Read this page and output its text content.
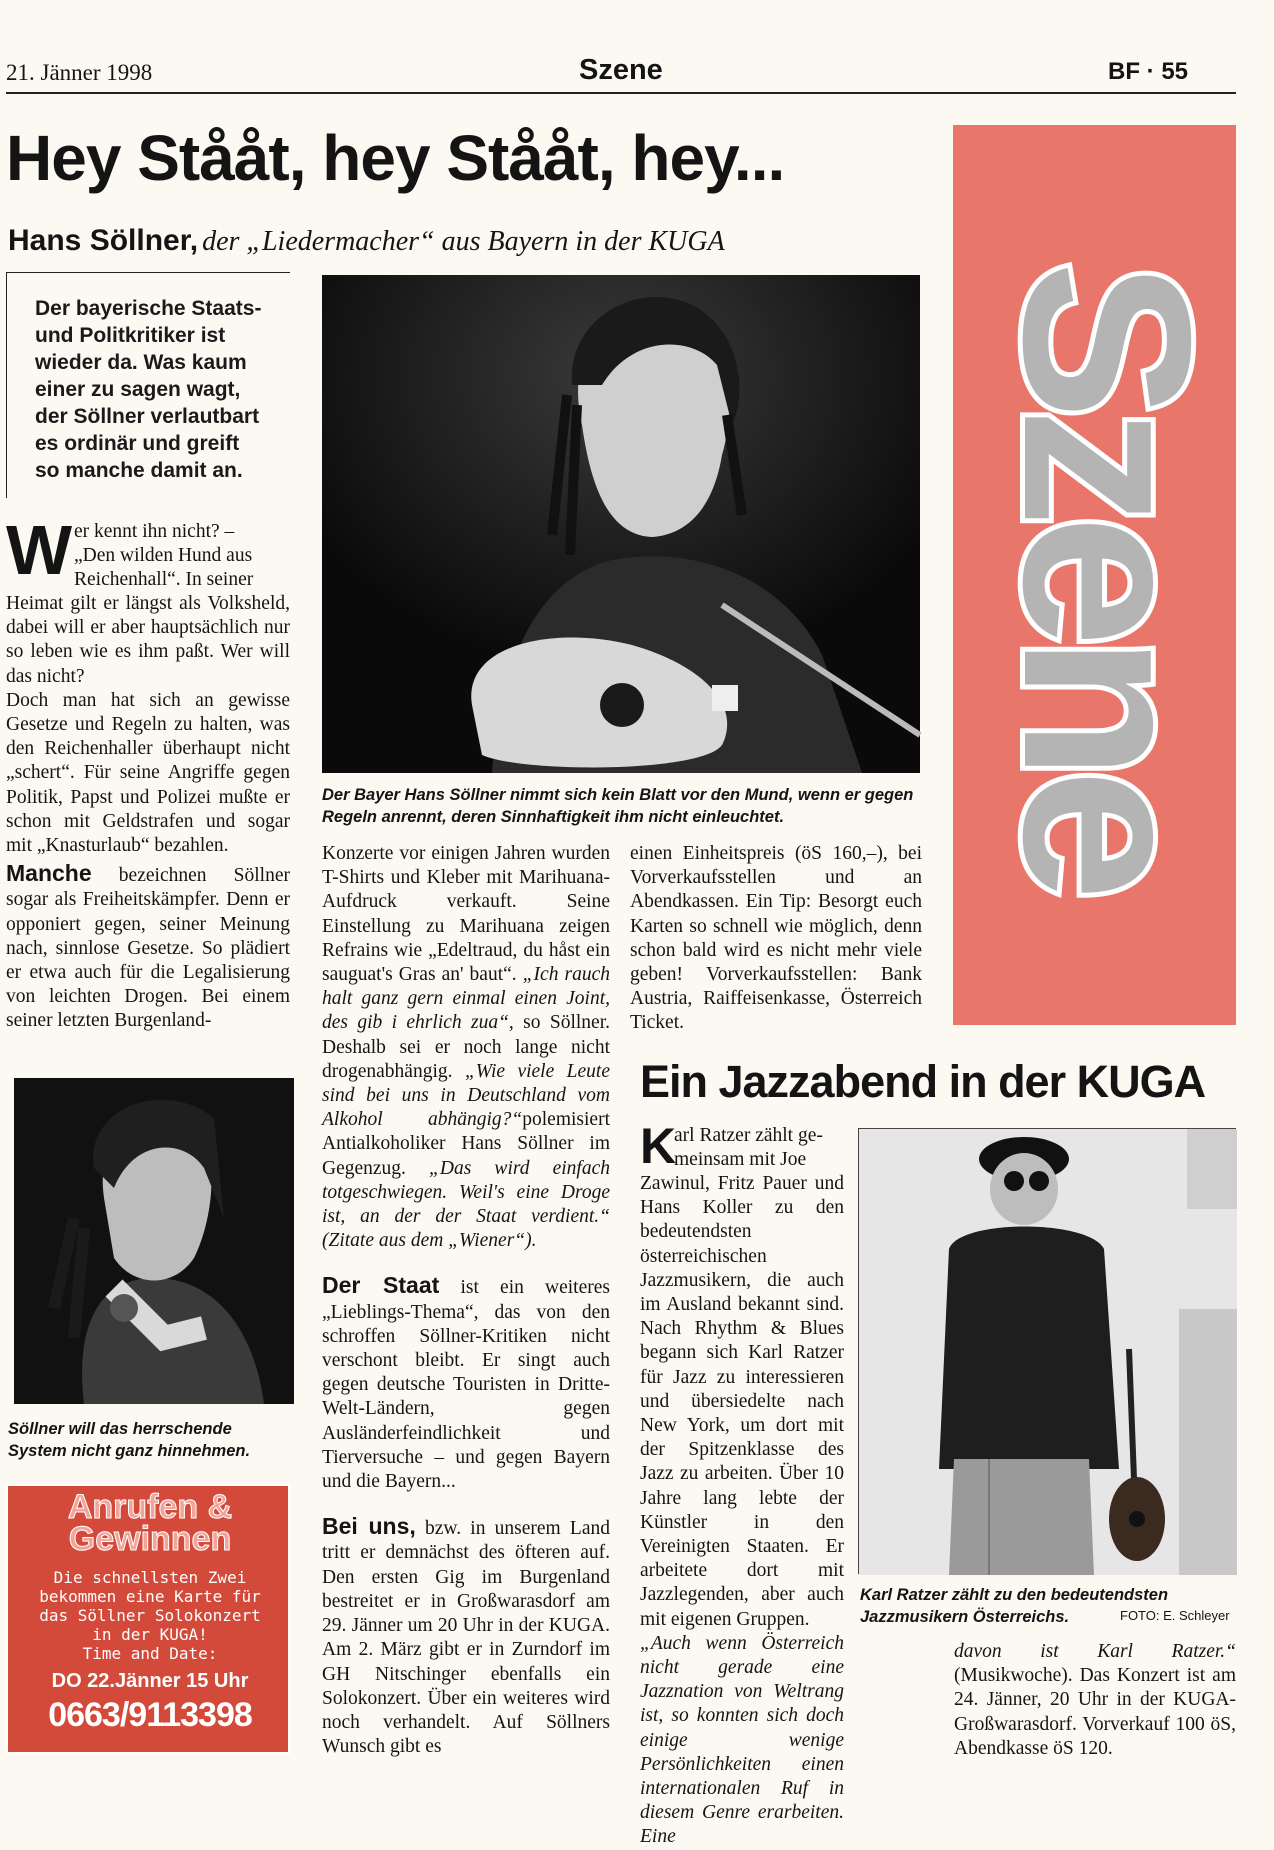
21. Jänner 1998	Szene	BF · 55
Hey Stååt, hey Stååt, hey...
Hans Söllner, der „Liedermacher“ aus Bayern in der KUGA
Szene
Der bayerische Staats-
und Politkritiker ist
wieder da. Was kaum
einer zu sagen wagt,
der Söllner verlautbart
es ordinär und greift
so manche damit an.
W er kennt ihn nicht? –
„Den wilden Hund aus
Reichenhall“. In seiner

Heimat gilt er längst als Volksheld, dabei will er aber hauptsächlich nur so leben wie es ihm paßt. Wer will das nicht?

Doch man hat sich an gewisse Gesetze und Regeln zu halten, was den Reichenhaller überhaupt nicht „schert“. Für seine Angriffe gegen Politik, Papst und Polizei mußte er schon mit Geldstrafen und sogar mit „Knasturlaub“ bezahlen.

Manche bezeichnen Söllner sogar als Freiheitskämpfer. Denn er opponiert gegen, seiner Meinung nach, sinnlose Gesetze. So plädiert er etwa auch für die Legalisierung von leichten Drogen. Bei einem seiner letzten Burgenland-

Der Bayer Hans Söllner nimmt sich kein Blatt vor den Mund, wenn er gegen Regeln anrennt, deren Sinnhaftigkeit ihm nicht einleuchtet.

Konzerte vor einigen Jahren wurden T-Shirts und Kleber mit Marihuana-Aufdruck verkauft. Seine Einstellung zu Marihuana zeigen Refrains wie „Edeltraud, du håst ein sauguat's Gras an' baut“. „Ich rauch halt ganz gern einmal einen Joint, des gib i ehrlich zua“, so Söllner. Deshalb sei er noch lange nicht drogenabhängig. „Wie viele Leute sind bei uns in Deutschland vom Alkohol abhängig?“polemisiert Antialkoholiker Hans Söllner im Gegenzug. „Das wird einfach totgeschwiegen. Weil's eine Droge ist, an der der Staat verdient.“ (Zitate aus dem „Wiener“).

Der Staat ist ein weiteres „Lieblings-Thema“, das von den schroffen Söllner-Kritiken nicht verschont bleibt. Er singt auch gegen deutsche Touristen in Dritte-Welt-Ländern, gegen Ausländerfeindlichkeit und Tierversuche – und gegen Bayern und die Bayern...

Bei uns, bzw. in unserem Land tritt er demnächst des öfteren auf. Den ersten Gig im Burgenland bestreitet er in Großwarasdorf am 29. Jänner um 20 Uhr in der KUGA. Am 2. März gibt er in Zurndorf im GH Nitschinger ebenfalls ein Solokonzert. Über ein weiteres wird noch verhandelt. Auf Söllners Wunsch gibt es

einen Einheitspreis (öS 160,–), bei Vorverkaufsstellen und an Abendkassen. Ein Tip: Besorgt euch Karten so schnell wie möglich, denn schon bald wird es nicht mehr viele geben! Vorverkaufsstellen: Bank Austria, Raiffeisenkasse, Österreich Ticket.

Söllner will das herrschende System nicht ganz hinnehmen.
Anrufen &
Gewinnen
Die schnellsten Zwei
bekommen eine Karte für
das Söllner Solokonzert
in der KUGA!
Time and Date:
DO 22.Jänner 15 Uhr
0663/9113398
Ein Jazzabend in der KUGA
K
arl Ratzer zählt ge-
meinsam mit Joe

Zawinul, Fritz Pauer und Hans Koller zu den bedeutendsten österreichischen Jazzmusikern, die auch im Ausland bekannt sind. Nach Rhythm & Blues begann sich Karl Ratzer für Jazz zu interessieren und übersiedelte nach New York, um dort mit der Spitzenklasse des Jazz zu arbeiten. Über 10 Jahre lang lebte der Künstler in den Vereinigten Staaten. Er arbeitete dort mit Jazzlegenden, aber auch mit eigenen Gruppen.

„Auch wenn Österreich nicht gerade eine Jazznation von Weltrang ist, so konnten sich doch einige wenige Persönlichkeiten einen internationalen Ruf in diesem Genre erarbeiten. Eine

Karl Ratzer zählt zu den bedeutendsten Jazzmusikern Österreichs.	FOTO: E. Schleyer

davon ist Karl Ratzer.“ (Musikwoche). Das Konzert ist am 24. Jänner, 20 Uhr in der KUGA-Großwarasdorf. Vorverkauf 100 öS, Abendkasse öS 120.
